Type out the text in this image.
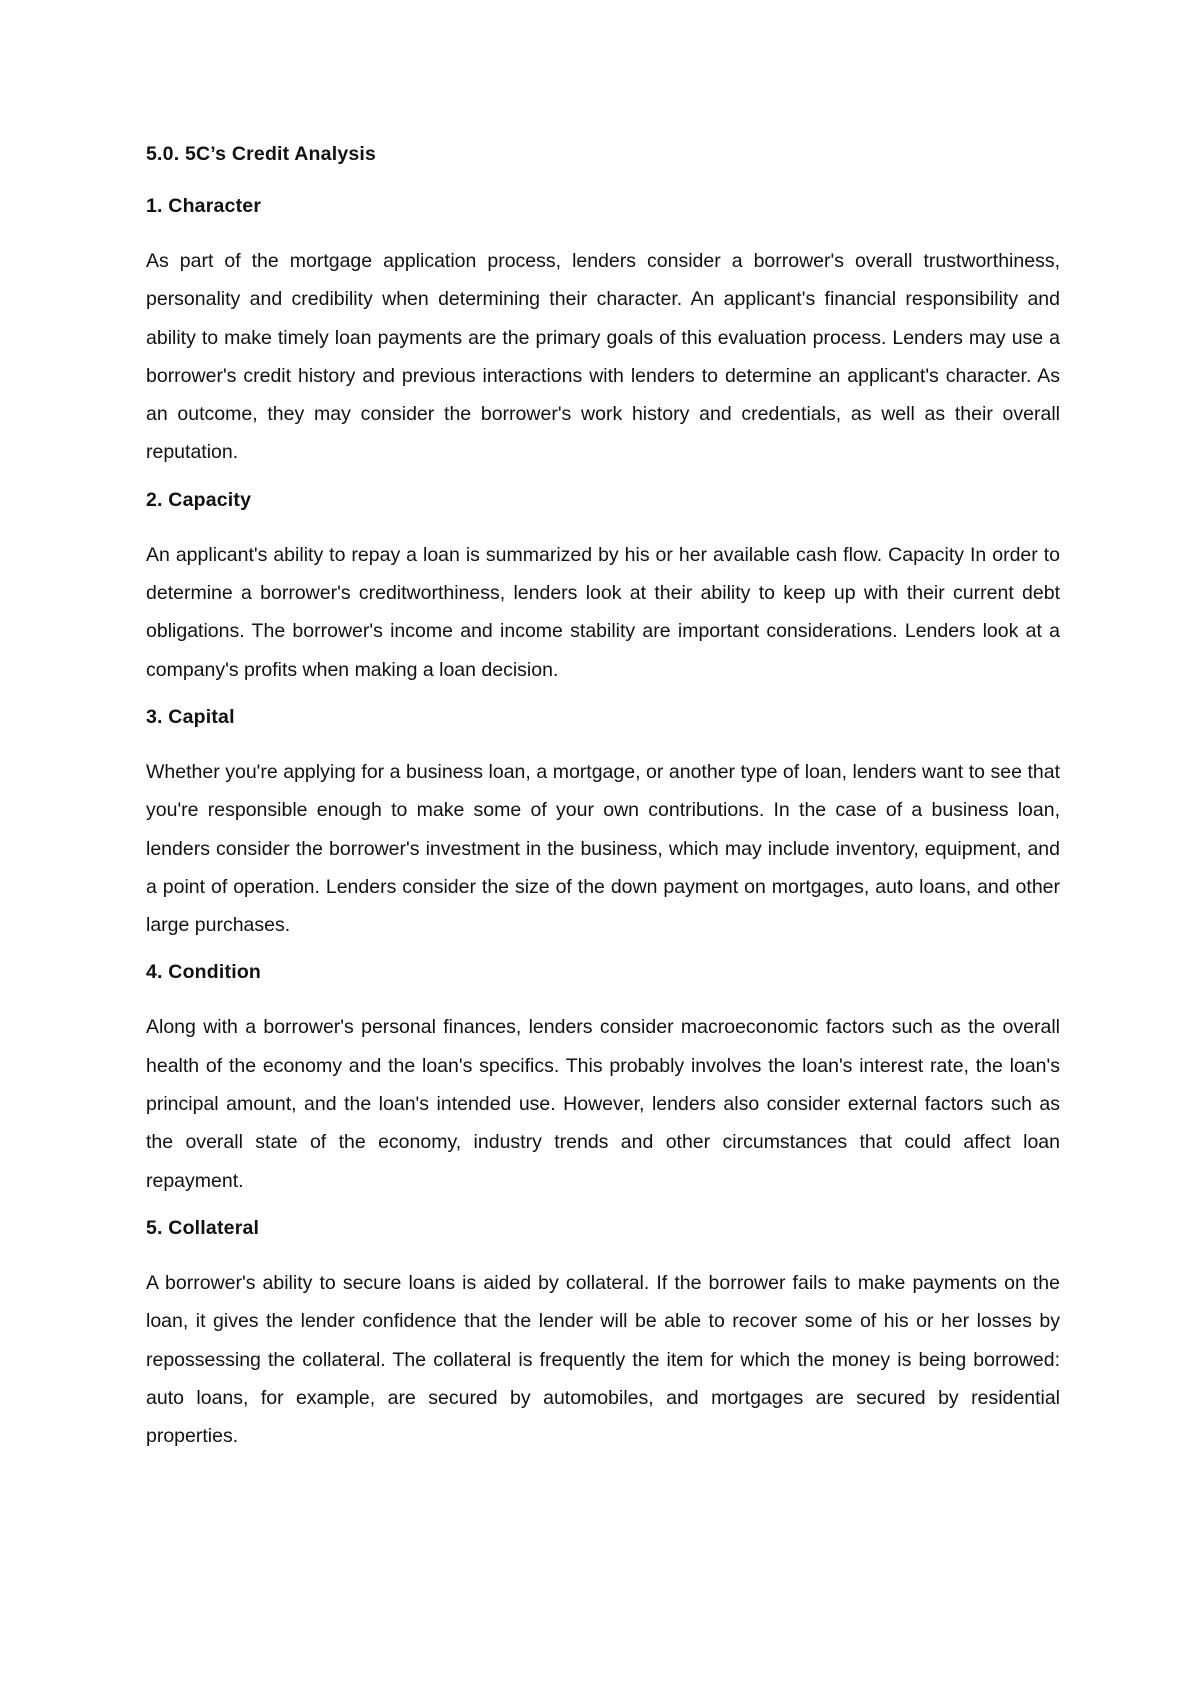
5.0. 5C’s Credit Analysis
1. Character

As part of the mortgage application process, lenders consider a borrower's overall trustworthiness, personality and credibility when determining their character. An applicant's financial responsibility and ability to make timely loan payments are the primary goals of this evaluation process. Lenders may use a borrower's credit history and previous interactions with lenders to determine an applicant's character. As an outcome, they may consider the borrower's work history and credentials, as well as their overall reputation.

2. Capacity

An applicant's ability to repay a loan is summarized by his or her available cash flow. Capacity In order to determine a borrower's creditworthiness, lenders look at their ability to keep up with their current debt obligations. The borrower's income and income stability are important considerations. Lenders look at a company's profits when making a loan decision.

3. Capital

Whether you're applying for a business loan, a mortgage, or another type of loan, lenders want to see that you're responsible enough to make some of your own contributions. In the case of a business loan, lenders consider the borrower's investment in the business, which may include inventory, equipment, and a point of operation. Lenders consider the size of the down payment on mortgages, auto loans, and other large purchases.

4. Condition

Along with a borrower's personal finances, lenders consider macroeconomic factors such as the overall health of the economy and the loan's specifics. This probably involves the loan's interest rate, the loan's principal amount, and the loan's intended use. However, lenders also consider external factors such as the overall state of the economy, industry trends and other circumstances that could affect loan repayment.

5. Collateral

A borrower's ability to secure loans is aided by collateral. If the borrower fails to make payments on the loan, it gives the lender confidence that the lender will be able to recover some of his or her losses by repossessing the collateral. The collateral is frequently the item for which the money is being borrowed: auto loans, for example, are secured by automobiles, and mortgages are secured by residential properties.
